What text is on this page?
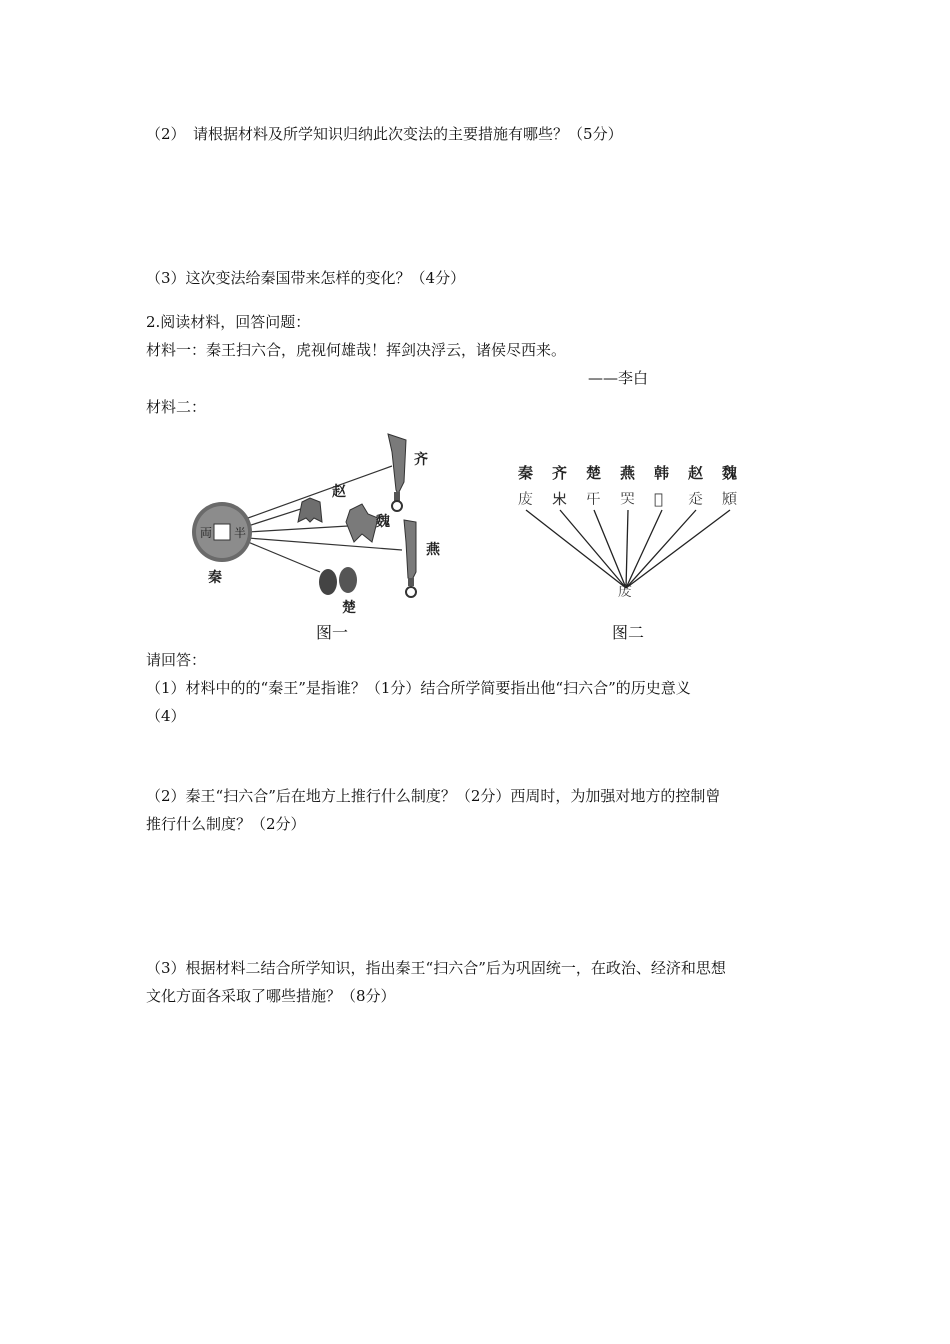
（2）　请根据材料及所学知识归纳此次变法的主要措施有哪些？（5分）
（3）这次变法给秦国带来怎样的变化？（4分）
2.阅读材料，回答问题：
材料一：秦王扫六合，虎视何雄哉！挥剑决浮云，诸侯尽西来。
——李白
材料二：
両 半
秦
齐
赵
魏
燕
楚
图一
秦 齐 楚 燕 韩 赵 魏
𢇷 𣎵 𡕒 𦉼 𣘈 𧺆 𩒏
𢇷
图二
请回答：
（1）材料中的的“秦王”是指谁？（1分）结合所学简要指出他“扫六合”的历史意义
（4）
（2）秦王“扫六合”后在地方上推行什么制度？（2分）西周时，为加强对地方的控制曾
推行什么制度？（2分）
（3）根据材料二结合所学知识，指出秦王“扫六合”后为巩固统一，在政治、经济和思想
文化方面各采取了哪些措施？（8分）
